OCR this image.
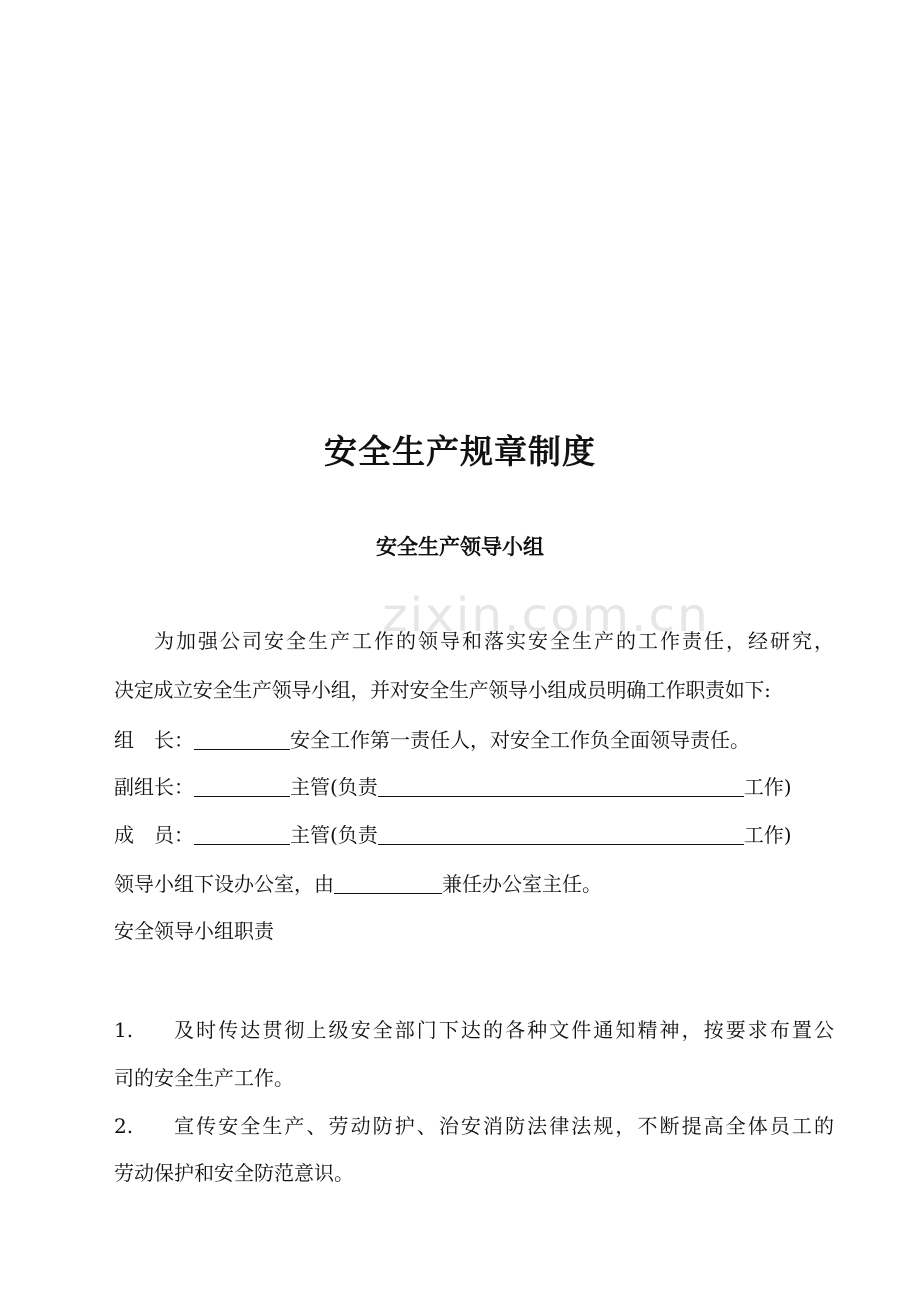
zixin.com.cn
安全生产规章制度
安全生产领导小组
为加强公司安全生产工作的领导和落实安全生产的工作责任，经研究，
决定成立安全生产领导小组，并对安全生产领导小组成员明确工作职责如下:
组　长：	安全工作第一责任人，对安全工作负全面领导责任。
副组长：	主管(负责	工作)
成　员：	主管(负责	工作)
领导小组下设办公室，由	兼任办公室主任。
安全领导小组职责
1. 及时传达贯彻上级安全部门下达的各种文件通知精神，按要求布置公
司的安全生产工作。
2. 宣传安全生产、劳动防护、治安消防法律法规，不断提高全体员工的
劳动保护和安全防范意识。
